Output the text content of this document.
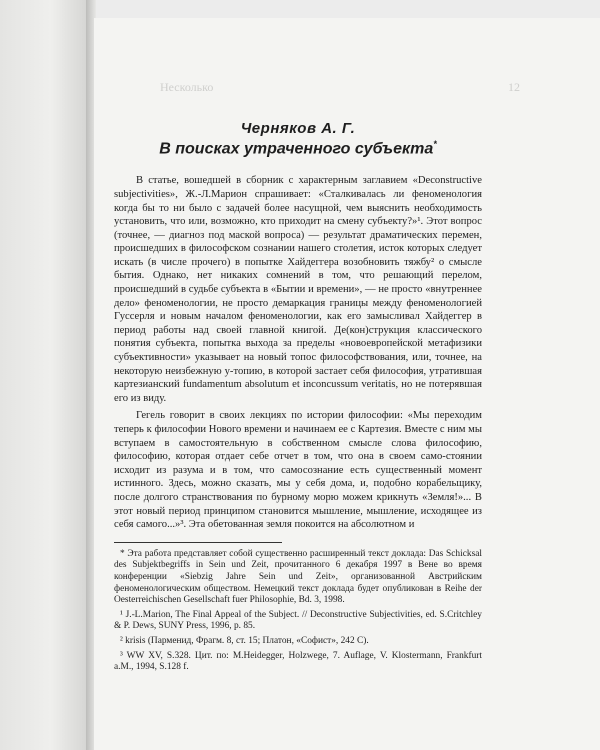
Несколько	12

Черняков А. Г.

В поисках утраченного субъекта*

В статье, вошедшей в сборник с характерным заглавием «Deconstructive subjectivities», Ж.-Л.Марион спрашивает: «Сталкивалась ли феноменология когда бы то ни было с задачей более насущной, чем выяснить необходимость установить, что или, возможно, кто приходит на смену субъекту?»¹. Этот вопрос (точнее, — диагноз под маской вопроса) — результат драматических перемен, происшедших в философском сознании нашего столетия, исток которых следует искать (в числе прочего) в попытке Хайдеггера возобновить тяжбу² о смысле бытия. Однако, нет никаких сомнений в том, что решающий перелом, происшедший в судьбе субъекта в «Бытии и времени», — не просто «внутреннее дело» феноменологии, не просто демаркация границы между феноменологией Гуссерля и новым началом феноменологии, как его замысливал Хайдеггер в период работы над своей главной книгой. Де(кон)струкция классического понятия субъекта, попытка выхода за пределы «новоевропейской метафизики субъективности» указывает на новый топос философствования, или, точнее, на некоторую неизбежную у-топию, в которой застает себя философия, утратившая картезианский fundamentum absolutum et inconcussum veritatis, но не потерявшая его из виду.

Гегель говорит в своих лекциях по истории философии: «Мы переходим теперь к философии Нового времени и начинаем ее с Картезия. Вместе с ним мы вступаем в самостоятельную в собственном смысле слова философию, философию, которая отдает себе отчет в том, что она в своем само-стоянии исходит из разума и в том, что самосознание есть существенный момент истинного. Здесь, можно сказать, мы у себя дома, и, подобно корабельщику, после долгого странствования по бурному морю можем крикнуть «Земля!»... В этот новый период принципом становится мышление, мышление, исходящее из себя самого...»³. Эта обетованная земля покоится на абсолютном и

* Эта работа представляет собой существенно расширенный текст доклада: Das Schicksal des Subjektbegriffs in Sein und Zeit, прочитанного 6 декабря 1997 в Вене во время конференции «Siebzig Jahre Sein und Zeit», организованной Австрийским феноменологическим обществом. Немецкий текст доклада будет опубликован в Reihe der Oesterreichischen Gesellschaft fuer Philosophie, Bd. 3, 1998.

¹ J.-L.Marion, The Final Appeal of the Subject. // Deconstructive Subjectivities, ed. S.Critchley & P. Dews, SUNY Press, 1996, p. 85.

² krisis (Парменид, Фрагм. 8, ст. 15; Платон, «Софист», 242 С).

³ WW XV, S.328. Цит. по: M.Heidegger, Holzwege, 7. Auflage, V. Klostermann, Frankfurt a.M., 1994, S.128 f.
